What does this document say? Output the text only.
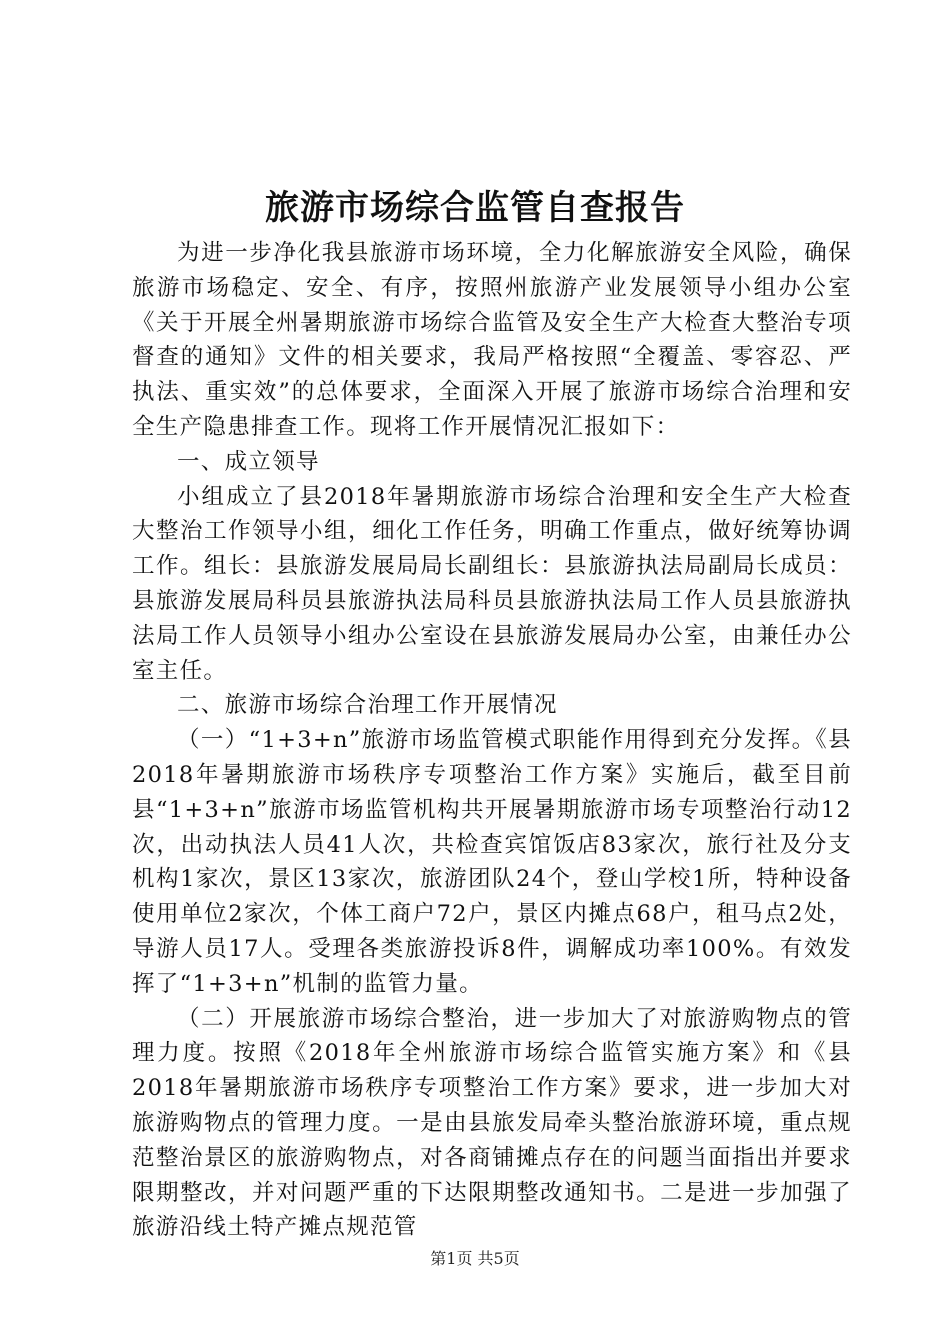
旅游市场综合监管自查报告

为进一步净化我县旅游市场环境，全力化解旅游安全风险，确保旅游市场稳定、安全、有序，按照州旅游产业发展领导小组办公室《关于开展全州暑期旅游市场综合监管及安全生产大检查大整治专项督查的通知》文件的相关要求，我局严格按照“全覆盖、零容忍、严执法、重实效”的总体要求，全面深入开展了旅游市场综合治理和安全生产隐患排查工作。现将工作开展情况汇报如下：

一、成立领导

小组成立了县2018年暑期旅游市场综合治理和安全生产大检查大整治工作领导小组，细化工作任务，明确工作重点，做好统筹协调工作。组长：县旅游发展局局长副组长：县旅游执法局副局长成员：县旅游发展局科员县旅游执法局科员县旅游执法局工作人员县旅游执法局工作人员领导小组办公室设在县旅游发展局办公室，由兼任办公室主任。

二、旅游市场综合治理工作开展情况

（一）“1+3+n”旅游市场监管模式职能作用得到充分发挥。《县2018年暑期旅游市场秩序专项整治工作方案》实施后，截至目前县“1+3+n”旅游市场监管机构共开展暑期旅游市场专项整治行动12次，出动执法人员41人次，共检查宾馆饭店83家次，旅行社及分支机构1家次，景区13家次，旅游团队24个，登山学校1所，特种设备使用单位2家次，个体工商户72户，景区内摊点68户，租马点2处，导游人员17人。受理各类旅游投诉8件，调解成功率100%。有效发挥了“1+3+n”机制的监管力量。

（二）开展旅游市场综合整治，进一步加大了对旅游购物点的管理力度。按照《2018年全州旅游市场综合监管实施方案》和《县2018年暑期旅游市场秩序专项整治工作方案》要求，进一步加大对旅游购物点的管理力度。一是由县旅发局牵头整治旅游环境，重点规范整治景区的旅游购物点，对各商铺摊点存在的问题当面指出并要求限期整改，并对问题严重的下达限期整改通知书。二是进一步加强了旅游沿线土特产摊点规范管

第1页 共5页
